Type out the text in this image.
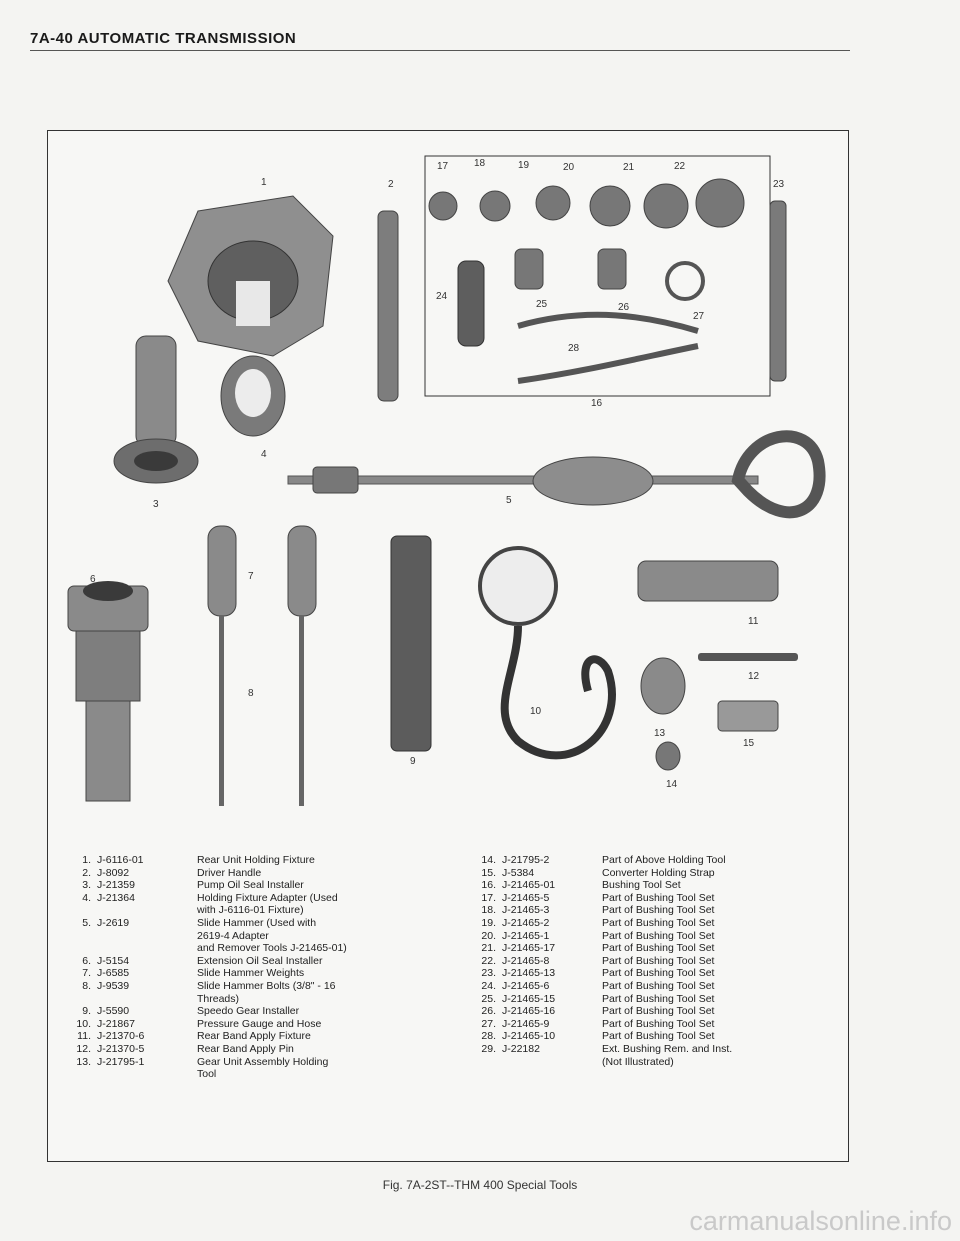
7A-40 AUTOMATIC TRANSMISSION
1	2
3
4
5
6	7
8
9
10
11
12
13
14
15
16
17	18	19	20	21	22
23
24
25	26
27
28
1. J-6116-01	Rear Unit Holding Fixture
2. J-8092	Driver Handle
3. J-21359	Pump Oil Seal Installer
4. J-21364	Holding Fixture Adapter (Used
with J-6116-01 Fixture)
5. J-2619	Slide Hammer (Used with
2619-4 Adapter
and Remover Tools J-21465-01)
6. J-5154	Extension Oil Seal Installer
7. J-6585	Slide Hammer Weights
8. J-9539	Slide Hammer Bolts (3/8" - 16
Threads)
9. J-5590	Speedo Gear Installer
10. J-21867	Pressure Gauge and Hose
11. J-21370-6	Rear Band Apply Fixture
12. J-21370-5	Rear Band Apply Pin
13. J-21795-1	Gear Unit Assembly Holding
Tool
14. J-21795-2	Part of Above Holding Tool
15. J-5384	Converter Holding Strap
16. J-21465-01	Bushing Tool Set
17. J-21465-5	Part of Bushing Tool Set
18. J-21465-3	Part of Bushing Tool Set
19. J-21465-2	Part of Bushing Tool Set
20. J-21465-1	Part of Bushing Tool Set
21. J-21465-17	Part of Bushing Tool Set
22. J-21465-8	Part of Bushing Tool Set
23. J-21465-13	Part of Bushing Tool Set
24. J-21465-6	Part of Bushing Tool Set
25. J-21465-15	Part of Bushing Tool Set
26. J-21465-16	Part of Bushing Tool Set
27. J-21465-9	Part of Bushing Tool Set
28. J-21465-10	Part of Bushing Tool Set
29. J-22182	Ext. Bushing Rem. and Inst.
(Not Illustrated)
Fig. 7A-2ST--THM 400 Special Tools
carmanualsonline.info
